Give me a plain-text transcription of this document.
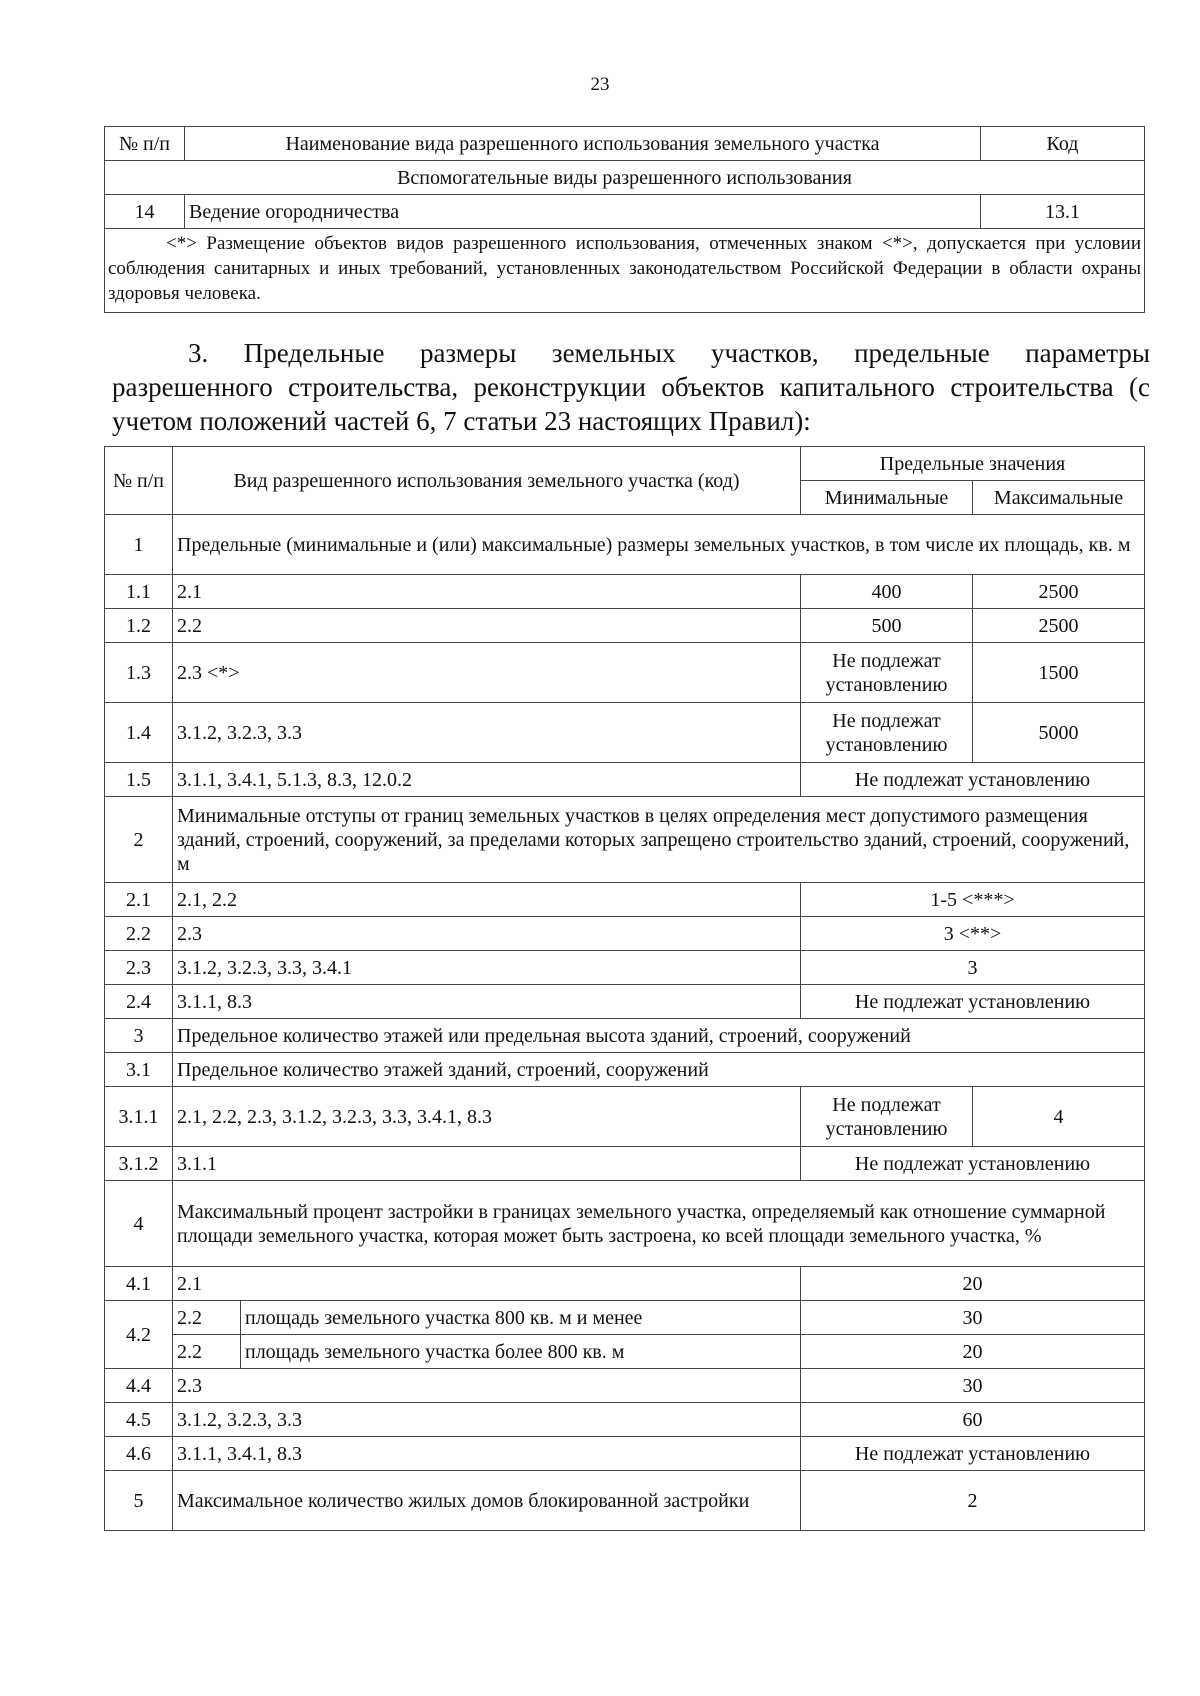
23
№ п/п	Наименование вида разрешенного использования земельного участка	Код
Вспомогательные виды разрешенного использования		
14	Ведение огородничества	13.1

<*> Размещение объектов видов разрешенного использования, отмеченных знаком <*>, допускается при условии соблюдения санитарных и иных требований, установленных законодательством Российской Федерации в области охраны здоровья человека.		

3. Предельные размеры земельных участков, предельные параметры
разрешенного строительства, реконструкции объектов капитального строительства (с учетом положений частей 6, 7 статьи 23 настоящих Правил):

№ п/п	Вид разрешенного использования земельного участка (код)		Предельные значения	
			Минимальные	Максимальные
1	Предельные (минимальные и (или) максимальные) размеры земельных участков, в том числе их площадь, кв. м			
1.1	2.1		400	2500
1.2	2.2		500	2500
1.3	2.3 <*>		Не подлежат установлению	1500
1.4	3.1.2, 3.2.3, 3.3		Не подлежат установлению	5000
1.5	3.1.1, 3.4.1, 5.1.3, 8.3, 12.0.2		Не подлежат установлению	
2	Минимальные отступы от границ земельных участков в целях определения мест допустимого размещения зданий, строений, сооружений, за пределами которых запрещено строительство зданий, строений, сооружений, м			
2.1	2.1, 2.2		1-5 <***>	
2.2	2.3		3 <**>	
2.3	3.1.2, 3.2.3, 3.3, 3.4.1		3	
2.4	3.1.1, 8.3		Не подлежат установлению	
3	Предельное количество этажей или предельная высота зданий, строений, сооружений			
3.1	Предельное количество этажей зданий, строений, сооружений			
3.1.1	2.1, 2.2, 2.3, 3.1.2, 3.2.3, 3.3, 3.4.1, 8.3		Не подлежат установлению	4
3.1.2	3.1.1		Не подлежат установлению	
4	Максимальный процент застройки в границах земельного участка, определяемый как отношение суммарной площади земельного участка, которая может быть застроена, ко всей площади земельного участка, %			
4.1	2.1		20	
4.2	2.2	площадь земельного участка 800 кв. м и менее	30	
	2.2	площадь земельного участка более 800 кв. м	20	
4.4	2.3		30	
4.5	3.1.2, 3.2.3, 3.3		60	
4.6	3.1.1, 3.4.1, 8.3		Не подлежат установлению	
5	Максимальное количество жилых домов блокированной застройки		2	
